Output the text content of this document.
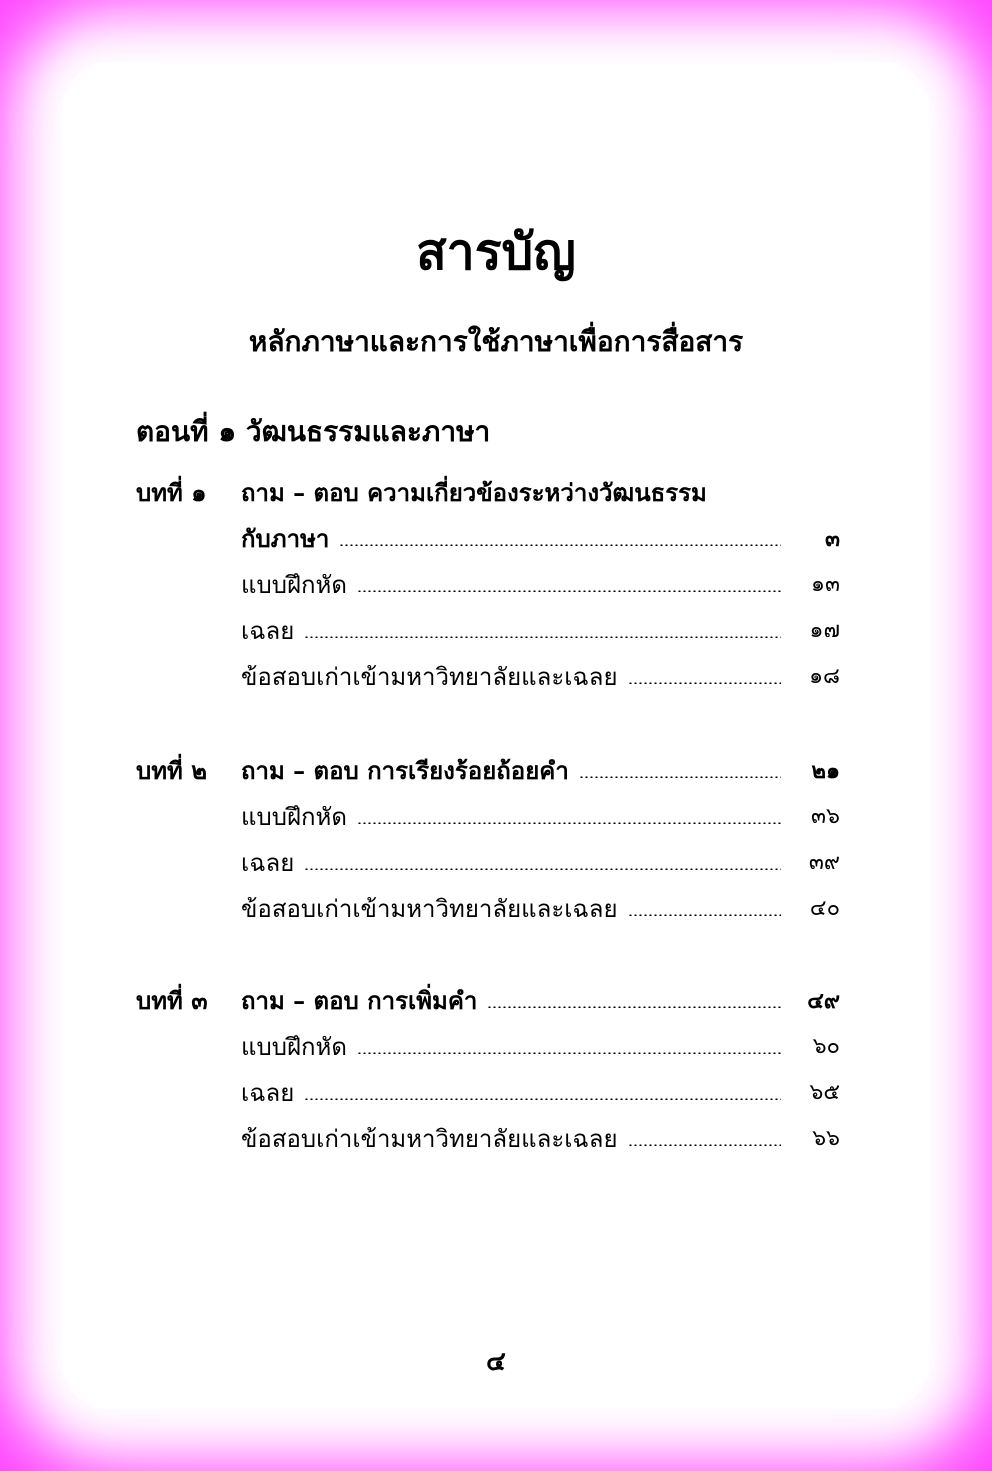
สารบัญ
หลักภาษาและการใช้ภาษาเพื่อการสื่อสาร
ตอนที่ ๑ วัฒนธรรมและภาษา
บทที่ ๑ ถาม – ตอบ ความเกี่ยวข้องระหว่างวัฒนธรรม
กับภาษา	๓
แบบฝึกหัด	๑๓
เฉลย	๑๗
ข้อสอบเก่าเข้ามหาวิทยาลัยและเฉลย	๑๘
บทที่ ๒ ถาม – ตอบ การเรียงร้อยถ้อยคำ	๒๑
แบบฝึกหัด	๓๖
เฉลย	๓๙
ข้อสอบเก่าเข้ามหาวิทยาลัยและเฉลย	๔๐
บทที่ ๓ ถาม – ตอบ การเพิ่มคำ	๔๙
แบบฝึกหัด	๖๐
เฉลย	๖๕
ข้อสอบเก่าเข้ามหาวิทยาลัยและเฉลย	๖๖
๔
